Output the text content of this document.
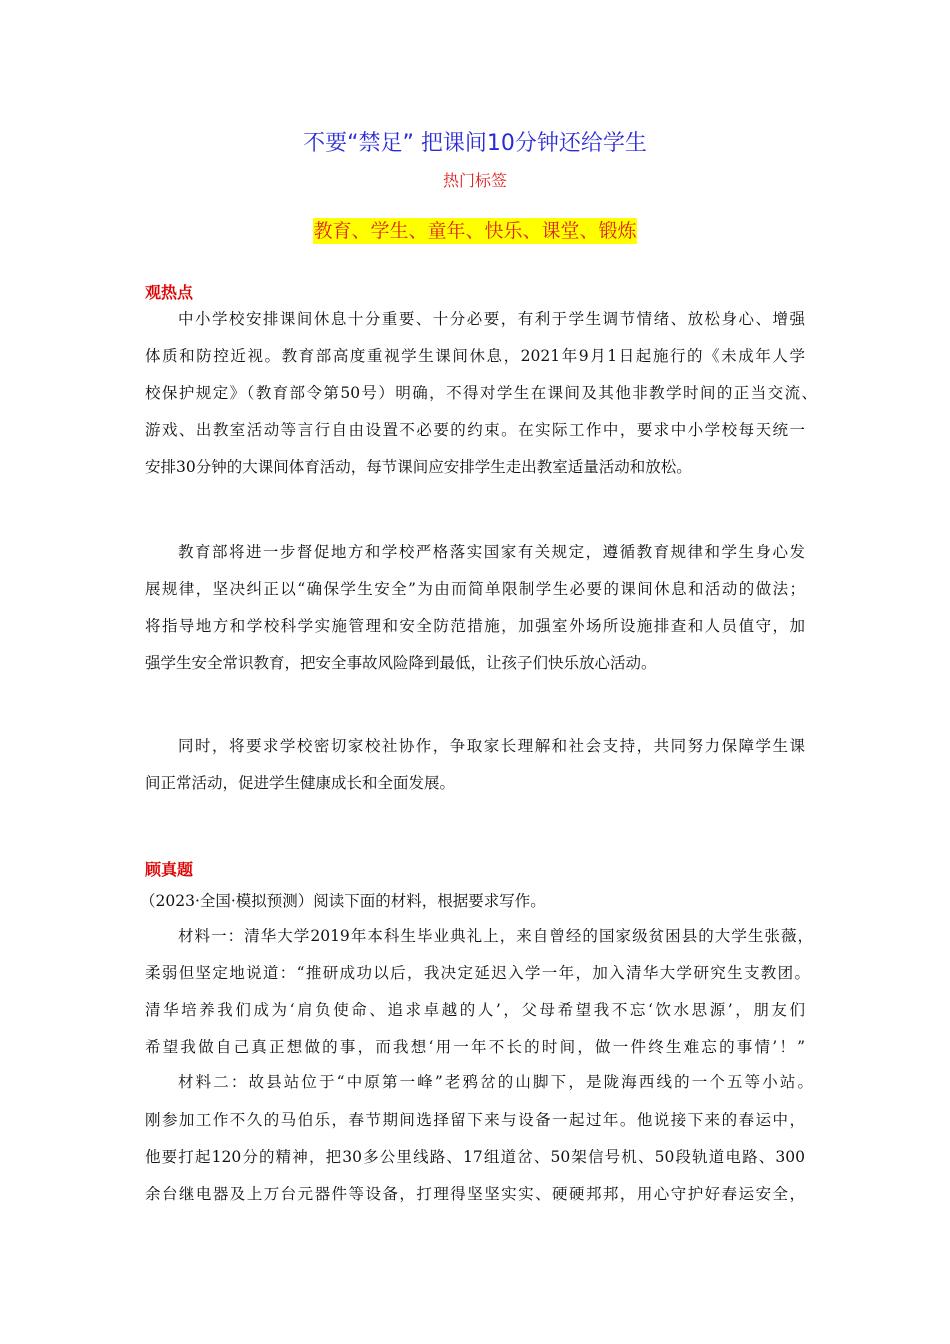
不要“禁足” 把课间10分钟还给学生
热门标签
教育、学生、童年、快乐、课堂、锻炼
观热点
中小学校安排课间休息十分重要、十分必要，有利于学生调节情绪、放松身心、增强
体质和防控近视。教育部高度重视学生课间休息，2021年9月1日起施行的《未成年人学
校保护规定》（教育部令第50号）明确，不得对学生在课间及其他非教学时间的正当交流、
游戏、出教室活动等言行自由设置不必要的约束。在实际工作中，要求中小学校每天统一
安排30分钟的大课间体育活动，每节课间应安排学生走出教室适量活动和放松。
教育部将进一步督促地方和学校严格落实国家有关规定，遵循教育规律和学生身心发
展规律，坚决纠正以“确保学生安全”为由而简单限制学生必要的课间休息和活动的做法；
将指导地方和学校科学实施管理和安全防范措施，加强室外场所设施排查和人员值守，加
强学生安全常识教育，把安全事故风险降到最低，让孩子们快乐放心活动。
同时，将要求学校密切家校社协作，争取家长理解和社会支持，共同努力保障学生课
间正常活动，促进学生健康成长和全面发展。
顾真题
（2023·全国·模拟预测）阅读下面的材料，根据要求写作。
材料一：清华大学2019年本科生毕业典礼上，来自曾经的国家级贫困县的大学生张薇，
柔弱但坚定地说道：“推研成功以后，我决定延迟入学一年，加入清华大学研究生支教团。
清华培养我们成为‘肩负使命、追求卓越的人’，父母希望我不忘‘饮水思源’，朋友们
希望我做自己真正想做的事，而我想‘用一年不长的时间，做一件终生难忘的事情’！”
材料二：故县站位于“中原第一峰”老鸦岔的山脚下，是陇海西线的一个五等小站。
刚参加工作不久的马伯乐，春节期间选择留下来与设备一起过年。他说接下来的春运中，
他要打起120分的精神，把30多公里线路、17组道岔、50架信号机、50段轨道电路、300
余台继电器及上万台元器件等设备，打理得坚坚实实、硬硬邦邦，用心守护好春运安全，
